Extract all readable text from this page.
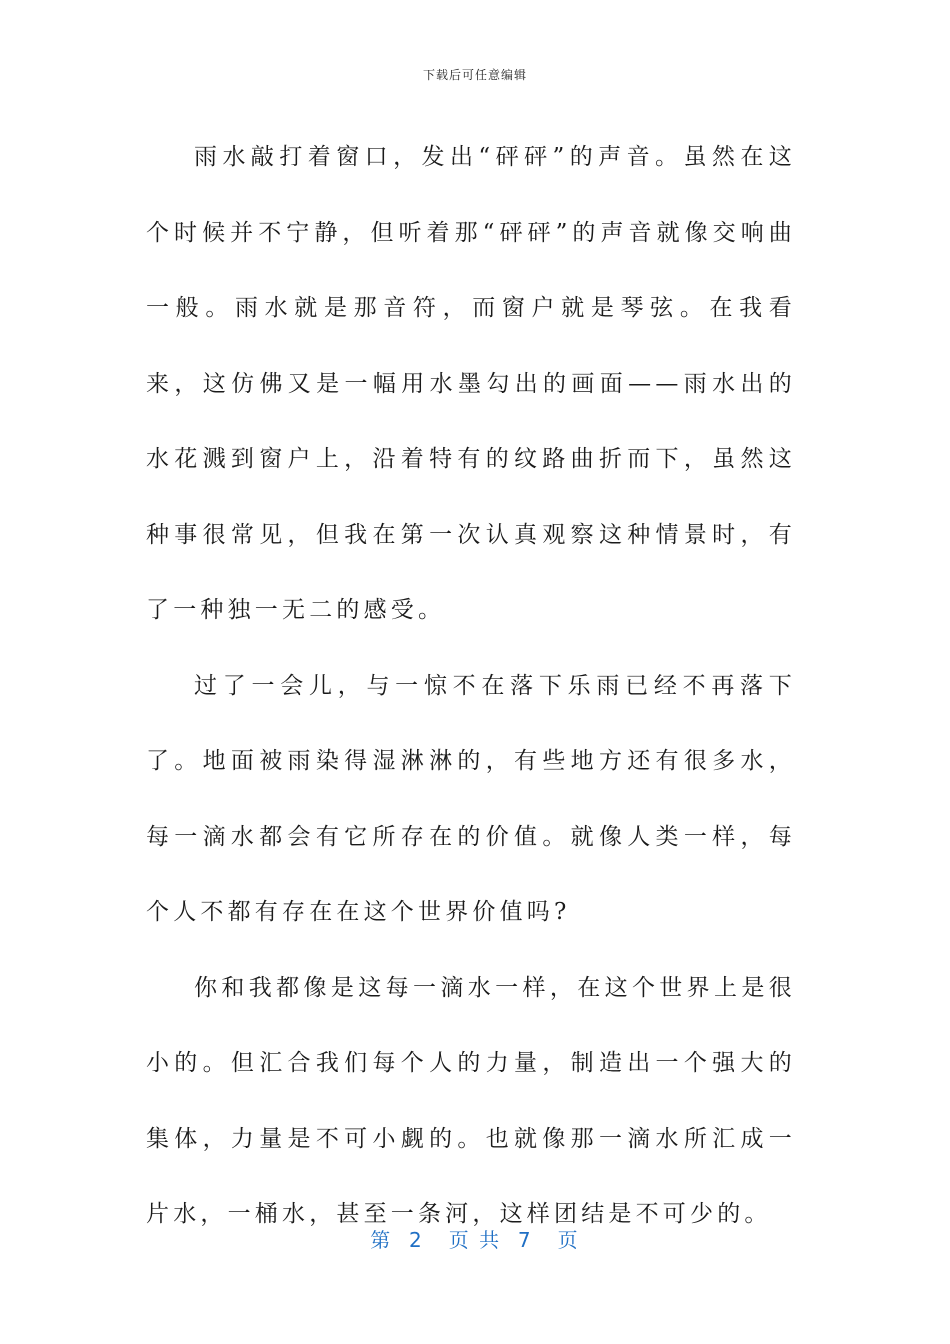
下载后可任意编辑

雨水敲打着窗口，发出“砰砰”的声音。虽然在这个时候并不宁静，但听着那“砰砰”的声音就像交响曲一般。雨水就是那音符，而窗户就是琴弦。在我看来，这仿佛又是一幅用水墨勾出的画面——雨水出的水花溅到窗户上，沿着特有的纹路曲折而下，虽然这种事很常见，但我在第一次认真观察这种情景时，有了一种独一无二的感受。

过了一会儿，与一惊不在落下乐雨已经不再落下了。地面被雨染得湿淋淋的，有些地方还有很多水，每一滴水都会有它所存在的价值。就像人类一样，每个人不都有存在在这个世界价值吗?

你和我都像是这每一滴水一样，在这个世界上是很小的。但汇合我们每个人的力量，制造出一个强大的集体，力量是不可小觑的。也就像那一滴水所汇成一片水，一桶水，甚至一条河，这样团结是不可少的。

第  2   页 共  7   页
